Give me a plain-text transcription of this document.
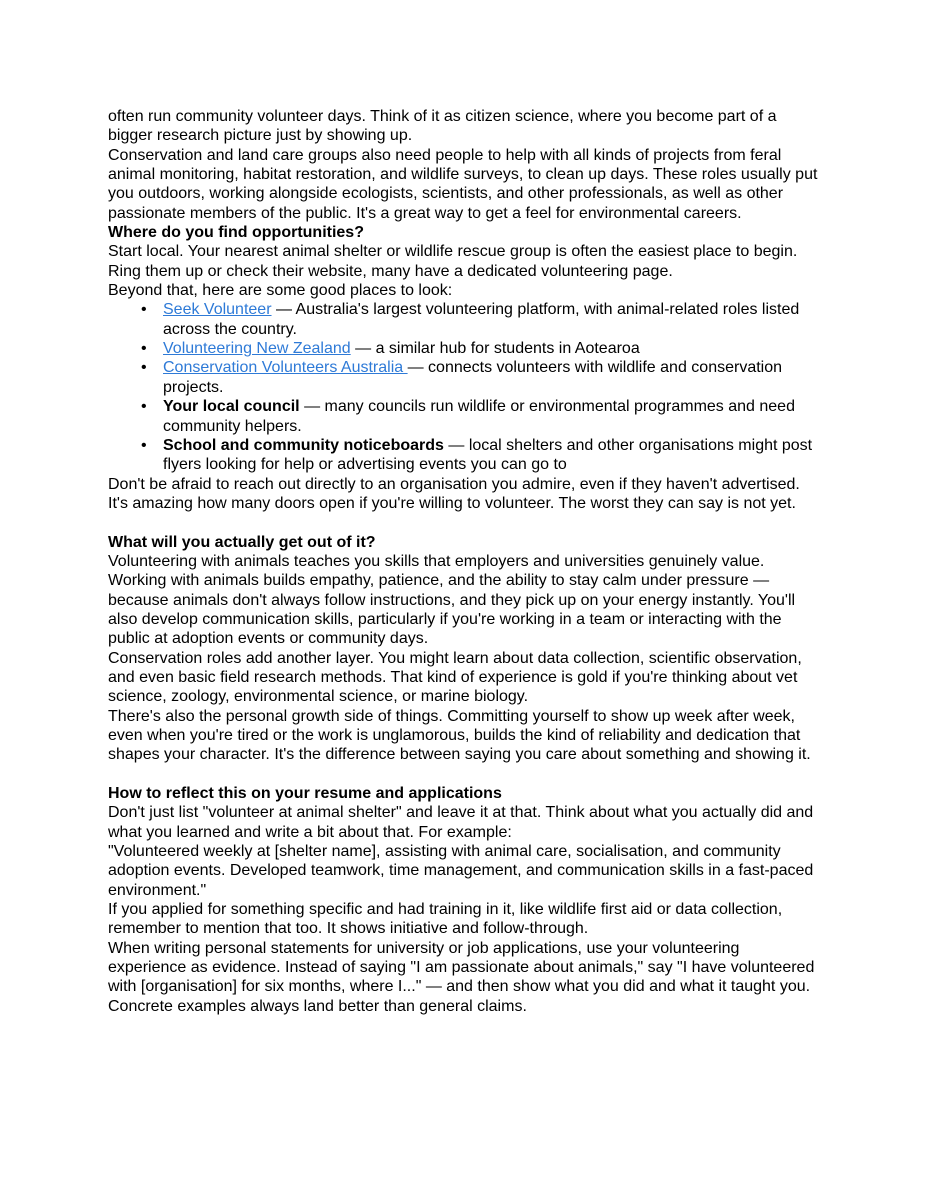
often run community volunteer days. Think of it as citizen science, where you become part of a bigger research picture just by showing up.

Conservation and land care groups also need people to help with all kinds of projects from feral animal monitoring, habitat restoration, and wildlife surveys, to clean up days. These roles usually put you outdoors, working alongside ecologists, scientists, and other professionals, as well as other passionate members of the public. It's a great way to get a feel for environmental careers.

Where do you find opportunities?

Start local. Your nearest animal shelter or wildlife rescue group is often the easiest place to begin. Ring them up or check their website, many have a dedicated volunteering page.

Beyond that, here are some good places to look:

• Seek Volunteer — Australia's largest volunteering platform, with animal-related roles listed across the country.
• Volunteering New Zealand — a similar hub for students in Aotearoa
• Conservation Volunteers Australia — connects volunteers with wildlife and conservation projects.
• Your local council — many councils run wildlife or environmental programmes and need community helpers.
• School and community noticeboards — local shelters and other organisations might post flyers looking for help or advertising events you can go to

Don't be afraid to reach out directly to an organisation you admire, even if they haven't advertised. It's amazing how many doors open if you're willing to volunteer. The worst they can say is not yet.

What will you actually get out of it?

Volunteering with animals teaches you skills that employers and universities genuinely value. Working with animals builds empathy, patience, and the ability to stay calm under pressure — because animals don't always follow instructions, and they pick up on your energy instantly. You'll also develop communication skills, particularly if you're working in a team or interacting with the public at adoption events or community days.

Conservation roles add another layer. You might learn about data collection, scientific observation, and even basic field research methods. That kind of experience is gold if you're thinking about vet science, zoology, environmental science, or marine biology.

There's also the personal growth side of things. Committing yourself to show up week after week, even when you're tired or the work is unglamorous, builds the kind of reliability and dedication that shapes your character. It's the difference between saying you care about something and showing it.

How to reflect this on your resume and applications

Don't just list "volunteer at animal shelter" and leave it at that. Think about what you actually did and what you learned and write a bit about that. For example:

"Volunteered weekly at [shelter name], assisting with animal care, socialisation, and community adoption events. Developed teamwork, time management, and communication skills in a fast-paced environment."

If you applied for something specific and had training in it, like wildlife first aid or data collection, remember to mention that too. It shows initiative and follow-through.

When writing personal statements for university or job applications, use your volunteering experience as evidence. Instead of saying "I am passionate about animals," say "I have volunteered with [organisation] for six months, where I..." — and then show what you did and what it taught you. Concrete examples always land better than general claims.
